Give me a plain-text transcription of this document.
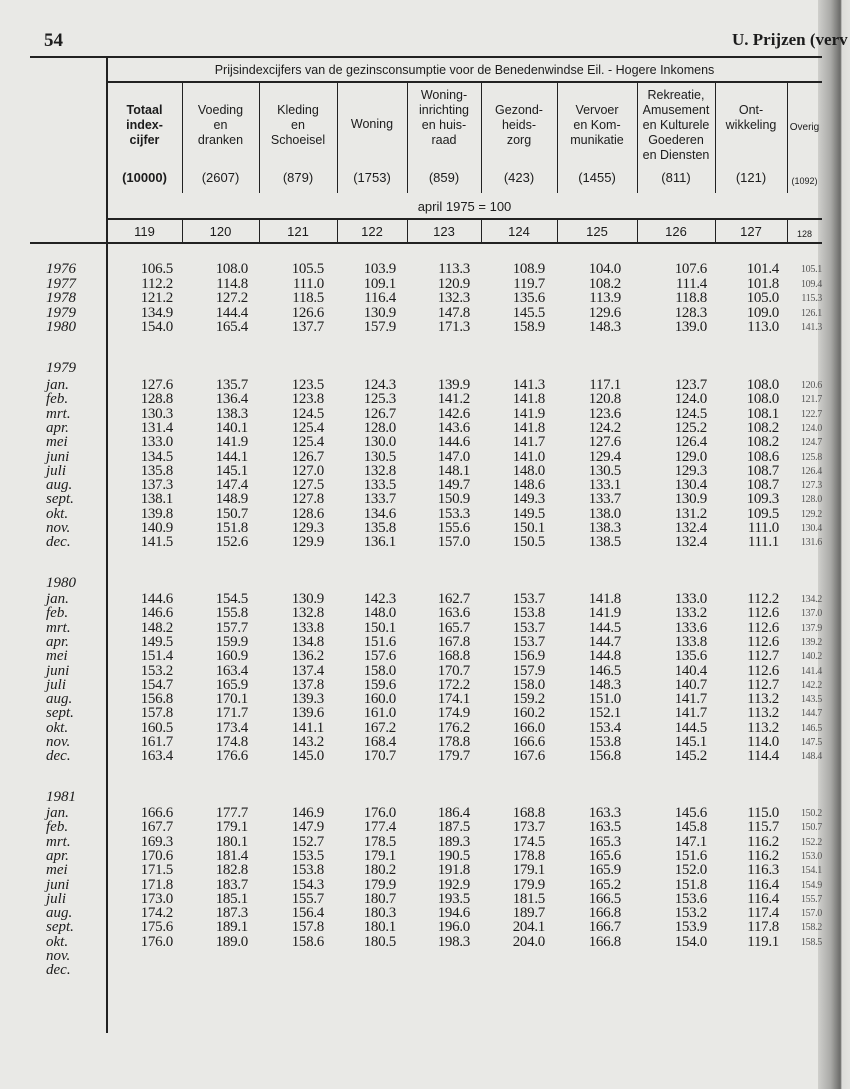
54	U. Prijzen (verv
Prijsindexcijfers van de gezinsconsumptie voor de Benedenwindse Eil. - Hogere Inkomens
april 1975 = 100
Totaal
index-
cijfer
(10000)
119
Voeding
en
dranken
(2607)
120
Kleding
en
Schoeisel
(879)
121
Woning
(1753)
122
Woning-
inrichting
en huis-
raad
(859)
123
Gezond-
heids-
zorg
(423)
124
Vervoer
en Kom-
munikatie
(1455)
125
Rekreatie,
Amusement
en Kulturele
Goederen
en Diensten
(811)
126
Ont-
wikkeling
(121)
127
Overig
(1092)
128
1976	106.5	108.0	105.5	103.9	113.3	108.9	104.0	107.6	101.4	105.1
1977	112.2	114.8	111.0	109.1	120.9	119.7	108.2	111.4	101.8	109.4
1978	121.2	127.2	118.5	116.4	132.3	135.6	113.9	118.8	105.0	115.3
1979	134.9	144.4	126.6	130.9	147.8	145.5	129.6	128.3	109.0	126.1
1980	154.0	165.4	137.7	157.9	171.3	158.9	148.3	139.0	113.0	141.3
1979
jan.	127.6	135.7	123.5	124.3	139.9	141.3	117.1	123.7	108.0	120.6
feb.	128.8	136.4	123.8	125.3	141.2	141.8	120.8	124.0	108.0	121.7
mrt.	130.3	138.3	124.5	126.7	142.6	141.9	123.6	124.5	108.1	122.7
apr.	131.4	140.1	125.4	128.0	143.6	141.8	124.2	125.2	108.2	124.0
mei	133.0	141.9	125.4	130.0	144.6	141.7	127.6	126.4	108.2	124.7
juni	134.5	144.1	126.7	130.5	147.0	141.0	129.4	129.0	108.6	125.8
juli	135.8	145.1	127.0	132.8	148.1	148.0	130.5	129.3	108.7	126.4
aug.	137.3	147.4	127.5	133.5	149.7	148.6	133.1	130.4	108.7	127.3
sept.	138.1	148.9	127.8	133.7	150.9	149.3	133.7	130.9	109.3	128.0
okt.	139.8	150.7	128.6	134.6	153.3	149.5	138.0	131.2	109.5	129.2
nov.	140.9	151.8	129.3	135.8	155.6	150.1	138.3	132.4	111.0	130.4
dec.	141.5	152.6	129.9	136.1	157.0	150.5	138.5	132.4	111.1	131.6
1980
jan.	144.6	154.5	130.9	142.3	162.7	153.7	141.8	133.0	112.2	134.2
feb.	146.6	155.8	132.8	148.0	163.6	153.8	141.9	133.2	112.6	137.0
mrt.	148.2	157.7	133.8	150.1	165.7	153.7	144.5	133.6	112.6	137.9
apr.	149.5	159.9	134.8	151.6	167.8	153.7	144.7	133.8	112.6	139.2
mei	151.4	160.9	136.2	157.6	168.8	156.9	144.8	135.6	112.7	140.2
juni	153.2	163.4	137.4	158.0	170.7	157.9	146.5	140.4	112.6	141.4
juli	154.7	165.9	137.8	159.6	172.2	158.0	148.3	140.7	112.7	142.2
aug.	156.8	170.1	139.3	160.0	174.1	159.2	151.0	141.7	113.2	143.5
sept.	157.8	171.7	139.6	161.0	174.9	160.2	152.1	141.7	113.2	144.7
okt.	160.5	173.4	141.1	167.2	176.2	166.0	153.4	144.5	113.2	146.5
nov.	161.7	174.8	143.2	168.4	178.8	166.6	153.8	145.1	114.0	147.5
dec.	163.4	176.6	145.0	170.7	179.7	167.6	156.8	145.2	114.4	148.4
1981
jan.	166.6	177.7	146.9	176.0	186.4	168.8	163.3	145.6	115.0	150.2
feb.	167.7	179.1	147.9	177.4	187.5	173.7	163.5	145.8	115.7	150.7
mrt.	169.3	180.1	152.7	178.5	189.3	174.5	165.3	147.1	116.2	152.2
apr.	170.6	181.4	153.5	179.1	190.5	178.8	165.6	151.6	116.2	153.0
mei	171.5	182.8	153.8	180.2	191.8	179.1	165.9	152.0	116.3	154.1
juni	171.8	183.7	154.3	179.9	192.9	179.9	165.2	151.8	116.4	154.9
juli	173.0	185.1	155.7	180.7	193.5	181.5	166.5	153.6	116.4	155.7
aug.	174.2	187.3	156.4	180.3	194.6	189.7	166.8	153.2	117.4	157.0
sept.	175.6	189.1	157.8	180.1	196.0	204.1	166.7	153.9	117.8	158.2
okt.	176.0	189.0	158.6	180.5	198.3	204.0	166.8	154.0	119.1	158.5
nov.
dec.
